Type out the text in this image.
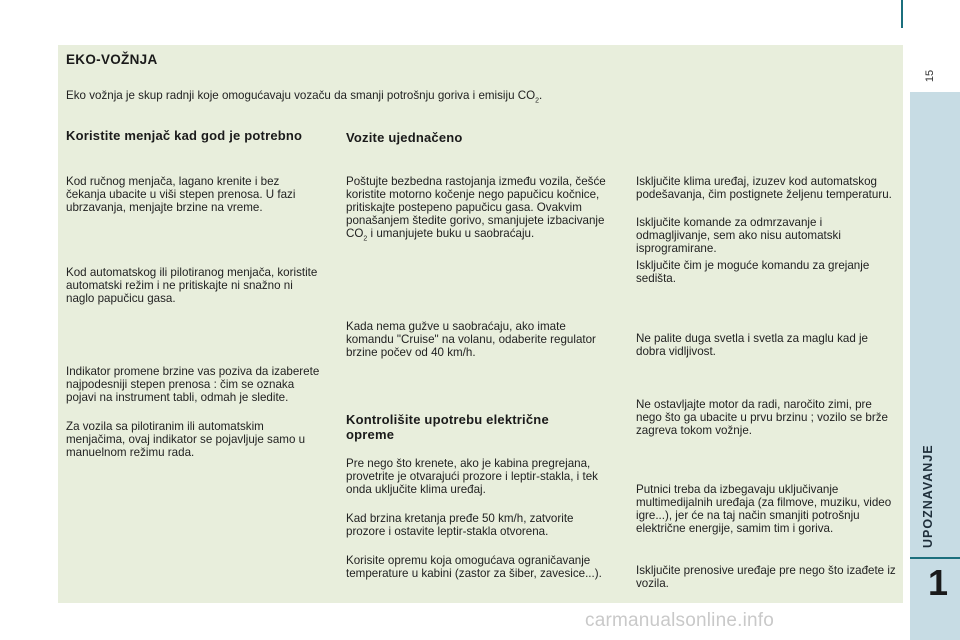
EKO-VOŽNJA
Eko vožnja je skup radnji koje omogućavaju vozaču da smanji potrošnju goriva i emisiju $CO_2$.
Koristite menjač kad god je potrebno

Kod ručnog menjača, lagano krenite i bez čekanja ubacite u viši stepen prenosa. U fazi ubrzavanja, menjajte brzine na vreme.

Kod automatskog ili pilotiranog menjača, koristite automatski režim i ne pritiskajte ni snažno ni naglo papučicu gasa.

Indikator promene brzine vas poziva da izaberete najpodesniji stepen prenosa : čim se oznaka pojavi na instrument tabli, odmah je sledite.

Za vozila sa pilotiranim ili automatskim menjačima, ovaj indikator se pojavljuje samo u manuelnom režimu rada.

Vozite ujednačeno

Poštujte bezbedna rastojanja između vozila, češće koristite motorno kočenje nego papučicu kočnice, pritiskajte postepeno papučicu gasa. Ovakvim ponašanjem štedite gorivo, smanjujete izbacivanje $CO_2$ i umanjujete buku u saobraćaju.

Kada nema gužve u saobraćaju, ako imate komandu "Cruise" na volanu, odaberite regulator brzine počev od 40 km/h.

Kontrolišite upotrebu električne opreme

Pre nego što krenete, ako je kabina pregrejana, provetrite je otvarajući prozore i leptir-stakla, i tek onda uključite klima uređaj.

Kad brzina kretanja pređe 50 km/h, zatvorite prozore i ostavite leptir-stakla otvorena.

Korisite opremu koja omogućava ograničavanje temperature u kabini (zastor za šiber, zavesice...).

Isključite klima uređaj, izuzev kod automatskog podešavanja, čim postignete željenu temperaturu.

Isključite komande za odmrzavanje i odmagljivanje, sem ako nisu automatski isprogramirane.

Isključite čim je moguće komandu za grejanje sedišta.

Ne palite duga svetla i svetla za maglu kad je dobra vidljivost.

Ne ostavljajte motor da radi, naročito zimi, pre nego što ga ubacite u prvu brzinu ; vozilo se brže zagreva tokom vožnje.

Putnici treba da izbegavaju uključivanje multimedijalnih uređaja (za filmove, muziku, video igre...), jer će na taj način smanjiti potrošnju električne energije, samim tim i goriva.

Isključite prenosive uređaje pre nego što izađete iz vozila.

15
UPOZNAVANJE
1
carmanualsonline.info
